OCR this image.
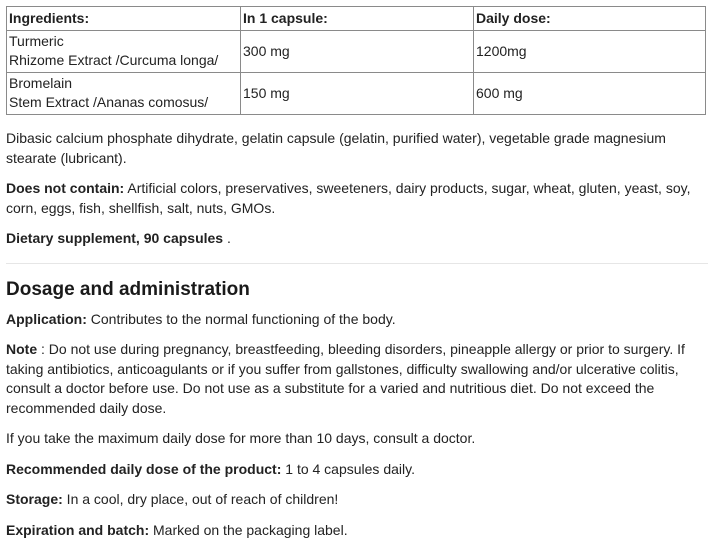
Ingredients:	In 1 capsule:	Daily dose:

Turmeric
Rhizome Extract /Curcuma longa/	300 mg	1200mg

Bromelain
Stem Extract /Ananas comosus/	150 mg	600 mg

Dibasic calcium phosphate dihydrate, gelatin capsule (gelatin, purified water), vegetable grade magnesium stearate (lubricant).

Does not contain: Artificial colors, preservatives, sweeteners, dairy products, sugar, wheat, gluten, yeast, soy, corn, eggs, fish, shellfish, salt, nuts, GMOs.

Dietary supplement, 90 capsules .

Dosage and administration

Application: Contributes to the normal functioning of the body.

Note : Do not use during pregnancy, breastfeeding, bleeding disorders, pineapple allergy or prior to surgery. If taking antibiotics, anticoagulants or if you suffer from gallstones, difficulty swallowing and/or ulcerative colitis, consult a doctor before use. Do not use as a substitute for a varied and nutritious diet. Do not exceed the recommended daily dose.

If you take the maximum daily dose for more than 10 days, consult a doctor.

Recommended daily dose of the product: 1 to 4 capsules daily.

Storage: In a cool, dry place, out of reach of children!

Expiration and batch: Marked on the packaging label.
